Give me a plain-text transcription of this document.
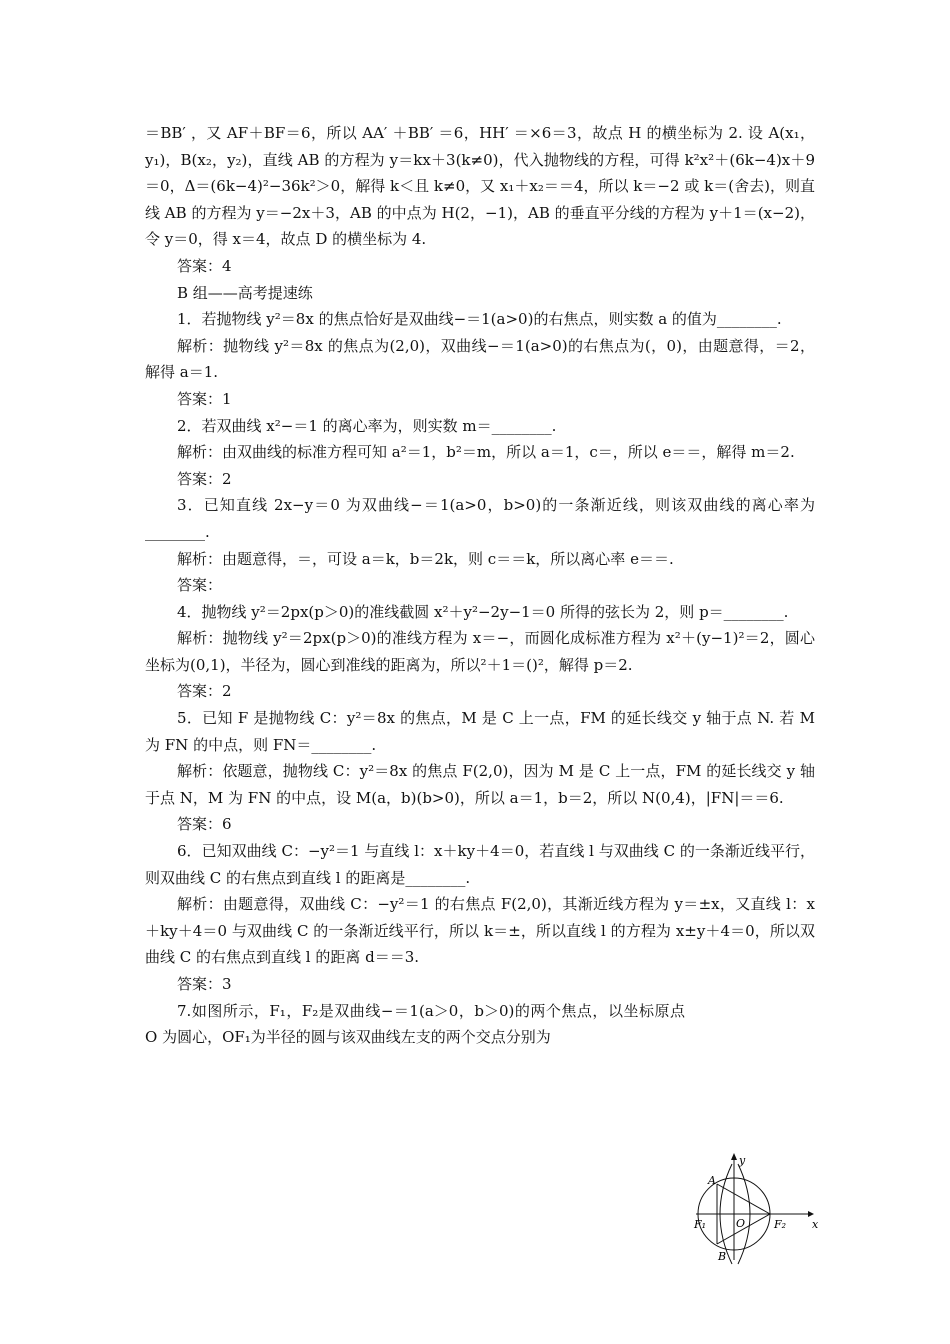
＝BB′ ，又 AF＋BF＝6，所以 AA′ ＋BB′ ＝6，HH′ ＝×6＝3，故点 H 的横坐标为 2. 设 A(x₁，y₁)，B(x₂，y₂)，直线 AB 的方程为 y＝kx＋3(k≠0)，代入抛物线的方程，可得 k²x²＋(6k−4)x＋9＝0，Δ＝(6k−4)²−36k²＞0，解得 k＜且 k≠0，又 x₁＋x₂＝＝4，所以 k＝−2 或 k＝(舍去)，则直线 AB 的方程为 y＝−2x＋3，AB 的中点为 H(2，−1)，AB 的垂直平分线的方程为 y＋1＝(x−2)，令 y＝0，得 x＝4，故点 D 的横坐标为 4.

答案：4

B 组——高考提速练

1．若抛物线 y²＝8x 的焦点恰好是双曲线−＝1(a>0)的右焦点，则实数 a 的值为________.

解析：抛物线 y²＝8x 的焦点为(2,0)，双曲线−＝1(a>0)的右焦点为(，0)，由题意得，＝2，解得 a＝1.

答案：1

2．若双曲线 x²−＝1 的离心率为，则实数 m＝________.

解析：由双曲线的标准方程可知 a²＝1，b²＝m，所以 a＝1，c＝，所以 e＝＝，解得 m＝2.

答案：2

3．已知直线 2x−y＝0 为双曲线−＝1(a>0，b>0)的一条渐近线，则该双曲线的离心率为________.

解析：由题意得，＝，可设 a＝k，b＝2k，则 c＝＝k，所以离心率 e＝＝.

答案：

4．抛物线 y²＝2px(p＞0)的准线截圆 x²＋y²−2y−1＝0 所得的弦长为 2，则 p＝________.

解析：抛物线 y²＝2px(p＞0)的准线方程为 x＝−，而圆化成标准方程为 x²＋(y−1)²＝2，圆心坐标为(0,1)，半径为，圆心到准线的距离为，所以²＋1＝()²，解得 p＝2.

答案：2

5．已知 F 是抛物线 C：y²＝8x 的焦点，M 是 C 上一点，FM 的延长线交 y 轴于点 N. 若 M 为 FN 的中点，则 FN＝________.

解析：依题意，抛物线 C：y²＝8x 的焦点 F(2,0)，因为 M 是 C 上一点，FM 的延长线交 y 轴于点 N，M 为 FN 的中点，设 M(a，b)(b>0)，所以 a＝1，b＝2，所以 N(0,4)，|FN|＝＝6.

答案：6

6．已知双曲线 C：−y²＝1 与直线 l：x＋ky＋4＝0，若直线 l 与双曲线 C 的一条渐近线平行，则双曲线 C 的右焦点到直线 l 的距离是________.

解析：由题意得，双曲线 C：−y²＝1 的右焦点 F(2,0)，其渐近线方程为 y＝±x，又直线 l：x＋ky＋4＝0 与双曲线 C 的一条渐近线平行，所以 k＝±，所以直线 l 的方程为 x±y＋4＝0，所以双曲线 C 的右焦点到直线 l 的距离 d＝＝3.

答案：3

7.如图所示，F₁，F₂是双曲线−＝1(a＞0，b＞0)的两个焦点，以坐标原点 O 为圆心，OF₁为半径的圆与该双曲线左支的两个交点分别为

y
x
A
B
O
F₁	F₂
